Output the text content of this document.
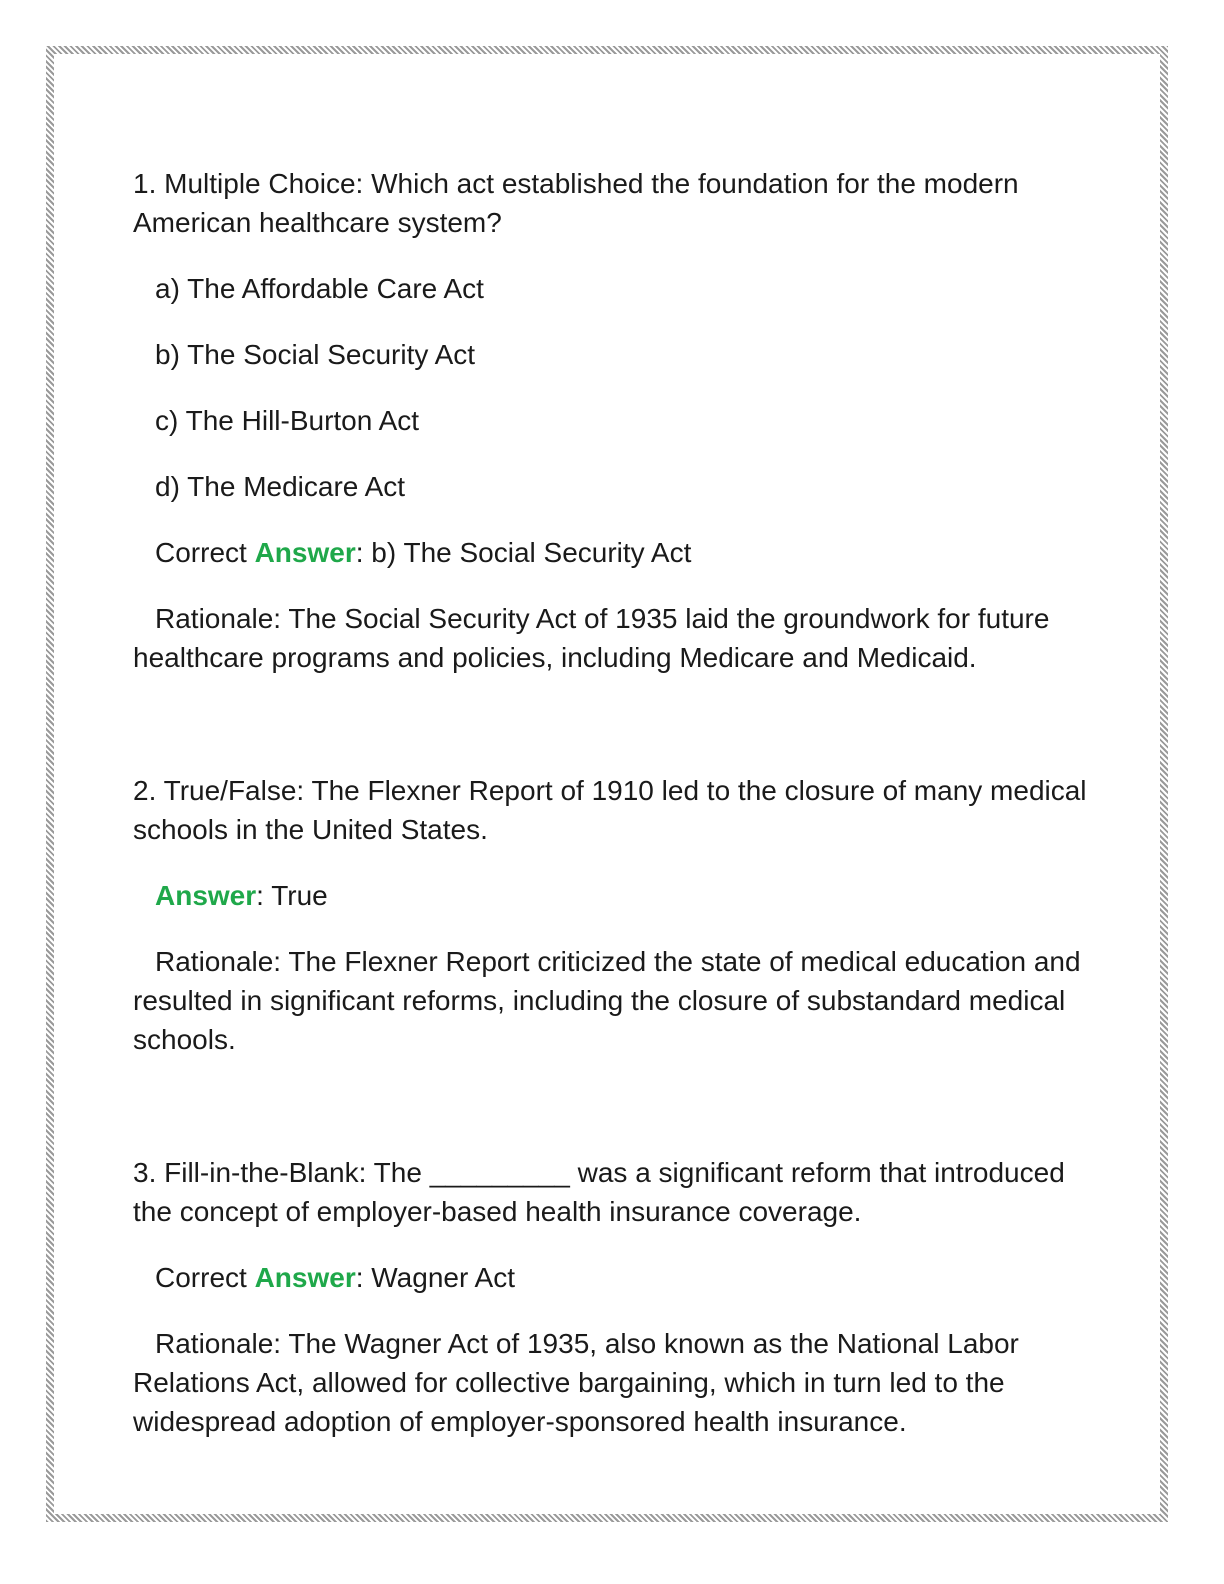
1. Multiple Choice: Which act established the foundation for the modern American healthcare system?

a) The Affordable Care Act

b) The Social Security Act

c) The Hill-Burton Act

d) The Medicare Act

Correct Answer: b) The Social Security Act

Rationale: The Social Security Act of 1935 laid the groundwork for future healthcare programs and policies, including Medicare and Medicaid.

2. True/False: The Flexner Report of 1910 led to the closure of many medical schools in the United States.

Answer: True

Rationale: The Flexner Report criticized the state of medical education and resulted in significant reforms, including the closure of substandard medical schools.

3. Fill-in-the-Blank: The _________ was a significant reform that introduced the concept of employer-based health insurance coverage.

Correct Answer: Wagner Act

Rationale: The Wagner Act of 1935, also known as the National Labor Relations Act, allowed for collective bargaining, which in turn led to the widespread adoption of employer-sponsored health insurance.
